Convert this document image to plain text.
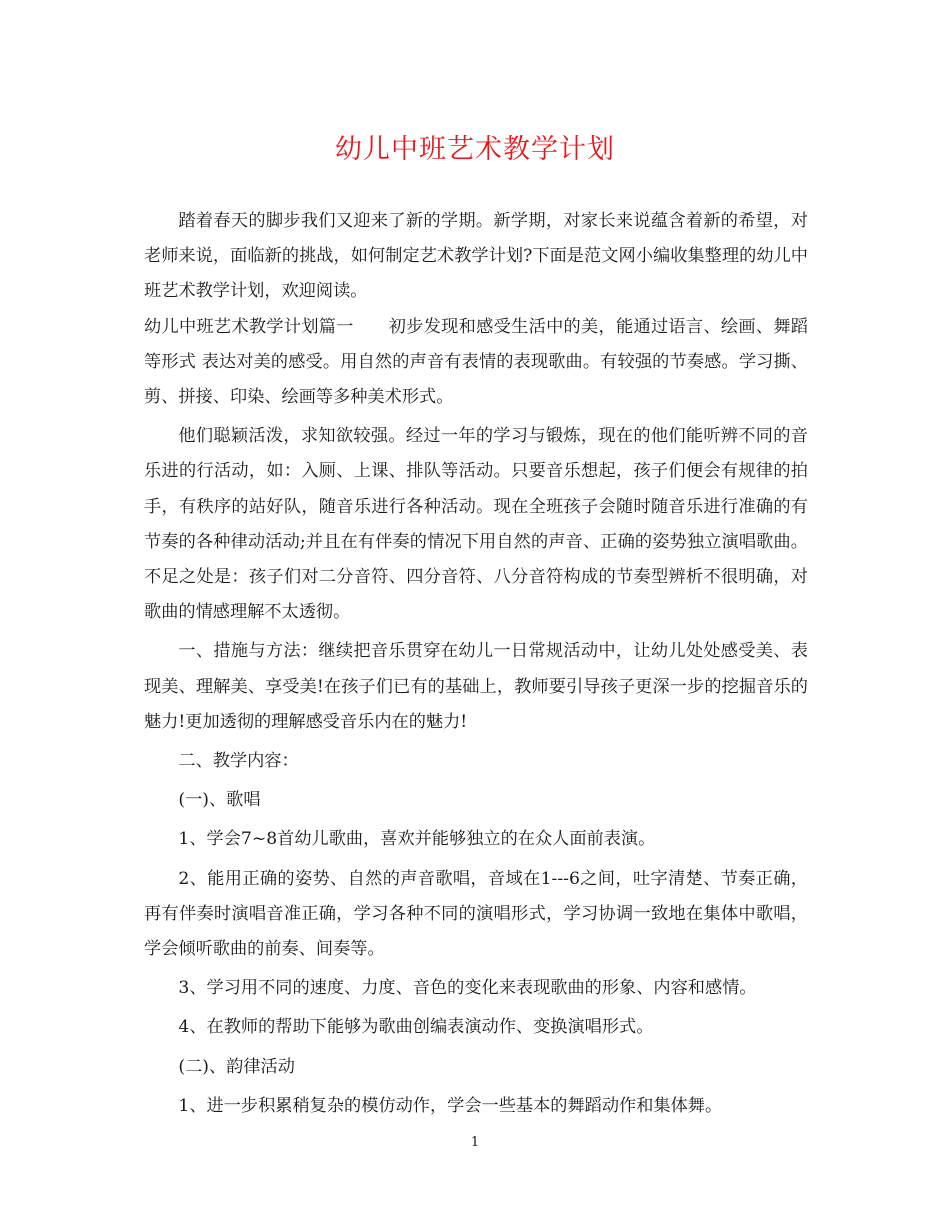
幼儿中班艺术教学计划

踏着春天的脚步我们又迎来了新的学期。新学期，对家长来说蕴含着新的希望，对老师来说，面临新的挑战，如何制定艺术教学计划?下面是范文网小编收集整理的幼儿中班艺术教学计划，欢迎阅读。

幼儿中班艺术教学计划篇一　　初步发现和感受生活中的美，能通过语言、绘画、舞蹈等形式 表达对美的感受。用自然的声音有表情的表现歌曲。有较强的节奏感。学习撕、剪、拼接、印染、绘画等多种美术形式。

他们聪颖活泼，求知欲较强。经过一年的学习与锻炼，现在的他们能听辨不同的音乐进的行活动，如：入厕、上课、排队等活动。只要音乐想起，孩子们便会有规律的拍手，有秩序的站好队，随音乐进行各种活动。现在全班孩子会随时随音乐进行准确的有节奏的各种律动活动;并且在有伴奏的情况下用自然的声音、正确的姿势独立演唱歌曲。不足之处是：孩子们对二分音符、四分音符、八分音符构成的节奏型辨析不很明确，对歌曲的情感理解不太透彻。

一、措施与方法：继续把音乐贯穿在幼儿一日常规活动中，让幼儿处处感受美、表现美、理解美、享受美!在孩子们已有的基础上，教师要引导孩子更深一步的挖掘音乐的魅力!更加透彻的理解感受音乐内在的魅力!

二、教学内容：

(一)、歌唱

1、学会7~8首幼儿歌曲，喜欢并能够独立的在众人面前表演。

2、能用正确的姿势、自然的声音歌唱，音域在1---6之间，吐字清楚、节奏正确，再有伴奏时演唱音准正确，学习各种不同的演唱形式，学习协调一致地在集体中歌唱，学会倾听歌曲的前奏、间奏等。

3、学习用不同的速度、力度、音色的变化来表现歌曲的形象、内容和感情。

4、在教师的帮助下能够为歌曲创编表演动作、变换演唱形式。

(二)、韵律活动

1、进一步积累稍复杂的模仿动作，学会一些基本的舞蹈动作和集体舞。

1
